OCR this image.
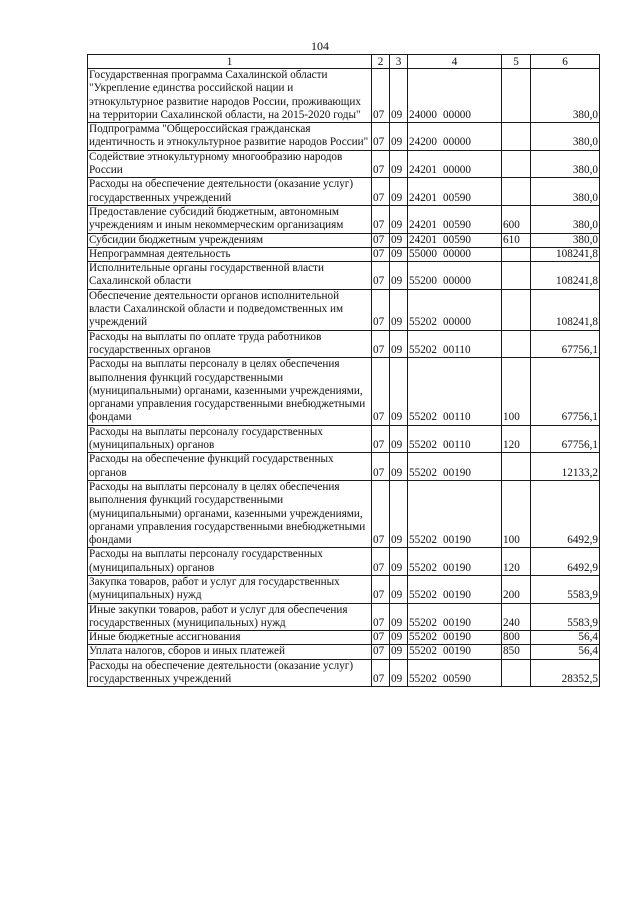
104
1	2	3	4	5	6
Государственная программа Сахалинской области "Укрепление единства российской нации и этнокультурное развитие народов России, проживающих на территории Сахалинской области, на 2015-2020 годы"	07	09	24000 00000		380,0
Подпрограмма "Общероссийская гражданская идентичность и этнокультурное развитие народов России"	07	09	24200 00000		380,0
Содействие этнокультурному многообразию народов России	07	09	24201 00000		380,0
Расходы на обеспечение деятельности (оказание услуг) государственных учреждений	07	09	24201 00590		380,0
Предоставление субсидий бюджетным, автономным учреждениям и иным некоммерческим организациям	07	09	24201 00590	600	380,0
Субсидии бюджетным учреждениям	07	09	24201 00590	610	380,0
Непрограммная деятельность	07	09	55000 00000		108241,8
Исполнительные органы государственной власти Сахалинской области	07	09	55200 00000		108241,8
Обеспечение деятельности органов исполнительной власти Сахалинской области и подведомственных им учреждений	07	09	55202 00000		108241,8
Расходы на выплаты по оплате труда работников государственных органов	07	09	55202 00110		67756,1
Расходы на выплаты персоналу в целях обеспечения выполнения функций государственными (муниципальными) органами, казенными учреждениями, органами управления государственными внебюджетными фондами	07	09	55202 00110	100	67756,1
Расходы на выплаты персоналу государственных (муниципальных) органов	07	09	55202 00110	120	67756,1
Расходы на обеспечение функций государственных органов	07	09	55202 00190		12133,2
Расходы на выплаты персоналу в целях обеспечения выполнения функций государственными (муниципальными) органами, казенными учреждениями, органами управления государственными внебюджетными фондами	07	09	55202 00190	100	6492,9
Расходы на выплаты персоналу государственных (муниципальных) органов	07	09	55202 00190	120	6492,9
Закупка товаров, работ и услуг для государственных (муниципальных) нужд	07	09	55202 00190	200	5583,9
Иные закупки товаров, работ и услуг для обеспечения государственных (муниципальных) нужд	07	09	55202 00190	240	5583,9
Иные бюджетные ассигнования	07	09	55202 00190	800	56,4
Уплата налогов, сборов и иных платежей	07	09	55202 00190	850	56,4
Расходы на обеспечение деятельности (оказание услуг) государственных учреждений	07	09	55202 00590		28352,5
